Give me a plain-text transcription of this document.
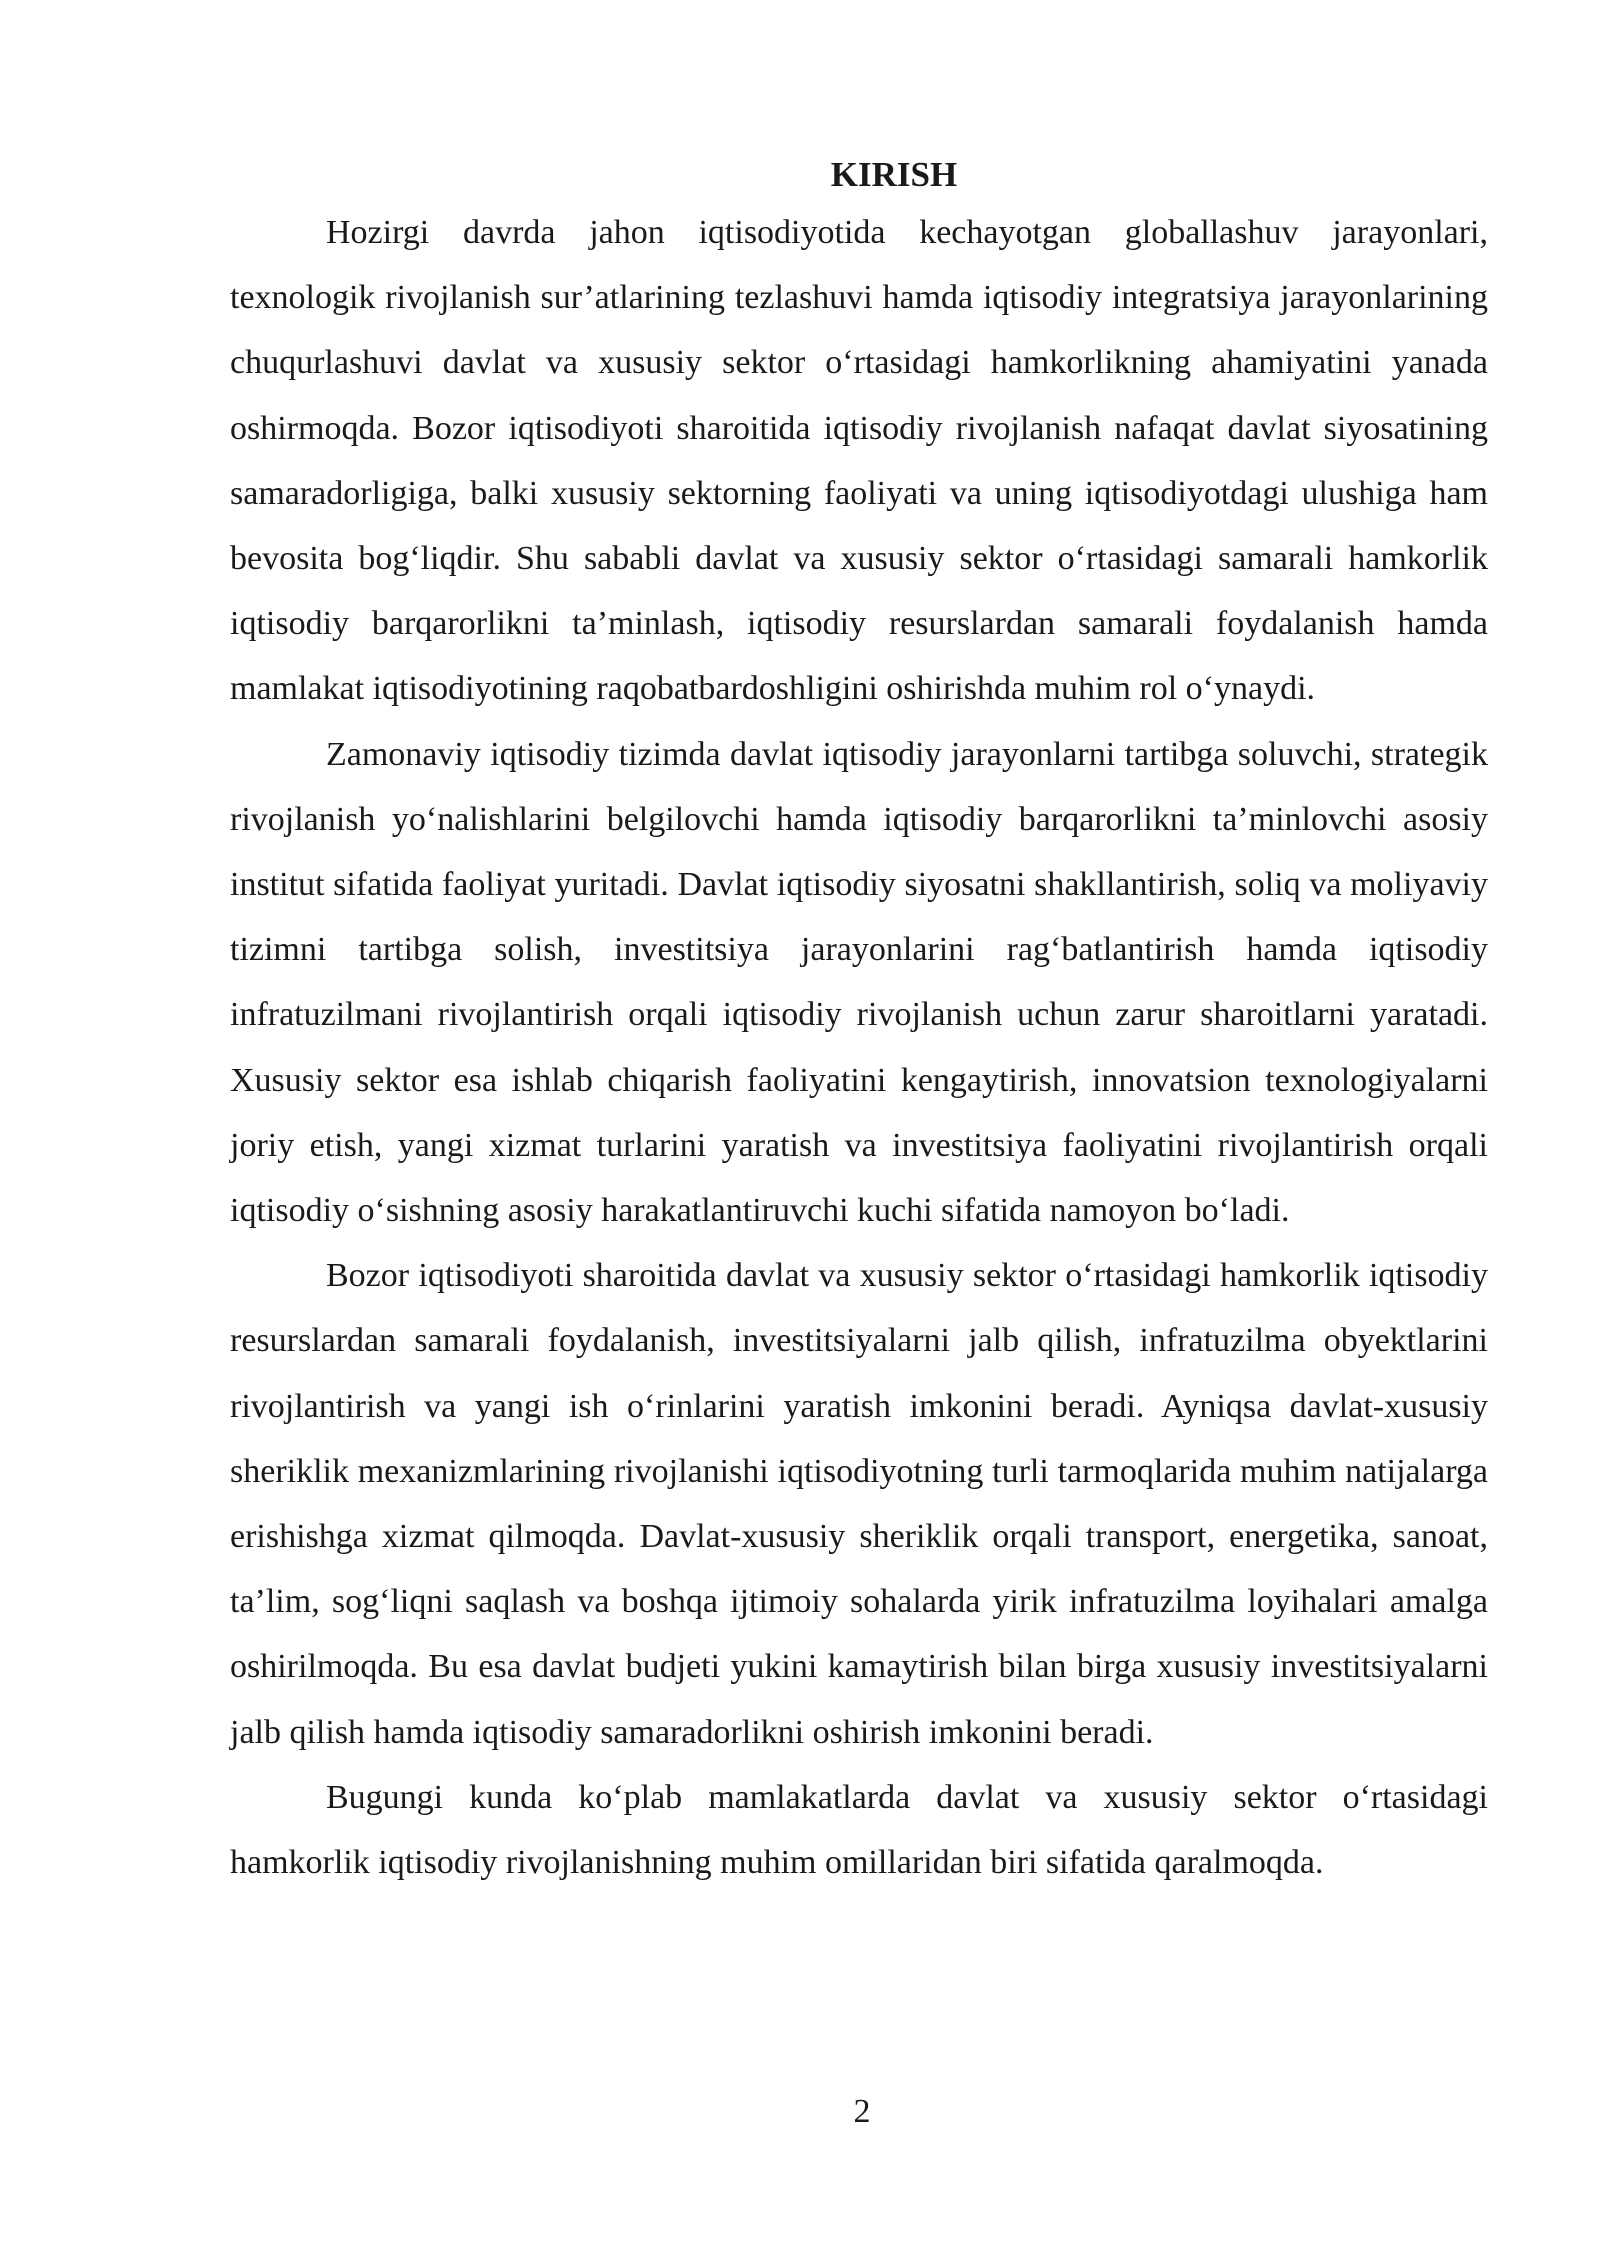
KIRISH

Hozirgi davrda jahon iqtisodiyotida kechayotgan globallashuv jarayonlari, texnologik rivojlanish sur’atlarining tezlashuvi hamda iqtisodiy integratsiya jarayonlarining chuqurlashuvi davlat va xususiy sektor o‘rtasidagi hamkorlikning ahamiyatini yanada oshirmoqda. Bozor iqtisodiyoti sharoitida iqtisodiy rivojlanish nafaqat davlat siyosatining samaradorligiga, balki xususiy sektorning faoliyati va uning iqtisodiyotdagi ulushiga ham bevosita bog‘liqdir. Shu sababli davlat va xususiy sektor o‘rtasidagi samarali hamkorlik iqtisodiy barqarorlikni ta’minlash, iqtisodiy resurslardan samarali foydalanish hamda mamlakat iqtisodiyotining raqobatbardoshligini oshirishda muhim rol o‘ynaydi.

Zamonaviy iqtisodiy tizimda davlat iqtisodiy jarayonlarni tartibga soluvchi, strategik rivojlanish yo‘nalishlarini belgilovchi hamda iqtisodiy barqarorlikni ta’minlovchi asosiy institut sifatida faoliyat yuritadi. Davlat iqtisodiy siyosatni shakllantirish, soliq va moliyaviy tizimni tartibga solish, investitsiya jarayonlarini rag‘batlantirish hamda iqtisodiy infratuzilmani rivojlantirish orqali iqtisodiy rivojlanish uchun zarur sharoitlarni yaratadi. Xususiy sektor esa ishlab chiqarish faoliyatini kengaytirish, innovatsion texnologiyalarni joriy etish, yangi xizmat turlarini yaratish va investitsiya faoliyatini rivojlantirish orqali iqtisodiy o‘sishning asosiy harakatlantiruvchi kuchi sifatida namoyon bo‘ladi.

Bozor iqtisodiyoti sharoitida davlat va xususiy sektor o‘rtasidagi hamkorlik iqtisodiy resurslardan samarali foydalanish, investitsiyalarni jalb qilish, infratuzilma obyektlarini rivojlantirish va yangi ish o‘rinlarini yaratish imkonini beradi. Ayniqsa davlat-xususiy sheriklik mexanizmlarining rivojlanishi iqtisodiyotning turli tarmoqlarida muhim natijalarga erishishga xizmat qilmoqda. Davlat-xususiy sheriklik orqali transport, energetika, sanoat, ta’lim, sog‘liqni saqlash va boshqa ijtimoiy sohalarda yirik infratuzilma loyihalari amalga oshirilmoqda. Bu esa davlat budjeti yukini kamaytirish bilan birga xususiy investitsiyalarni jalb qilish hamda iqtisodiy samaradorlikni oshirish imkonini beradi.

Bugungi kunda ko‘plab mamlakatlarda davlat va xususiy sektor o‘rtasidagi hamkorlik iqtisodiy rivojlanishning muhim omillaridan biri sifatida qaralmoqda.

2
